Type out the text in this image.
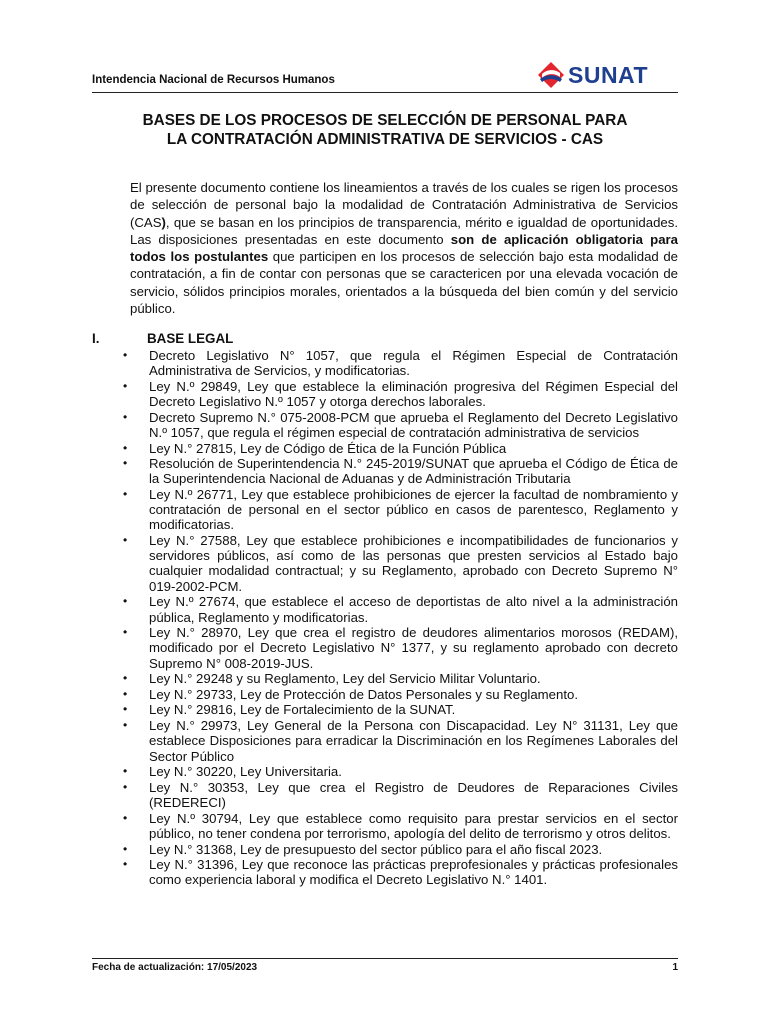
Intendencia Nacional de Recursos Humanos	SUNAT
BASES DE LOS PROCESOS DE SELECCIÓN DE PERSONAL PARA
LA CONTRATACIÓN ADMINISTRATIVA DE SERVICIOS - CAS

El presente documento contiene los lineamientos a través de los cuales se rigen los procesos de selección de personal bajo la modalidad de Contratación Administrativa de Servicios (CAS), que se basan en los principios de transparencia, mérito e igualdad de oportunidades. Las disposiciones presentadas en este documento son de aplicación obligatoria para todos los postulantes que participen en los procesos de selección bajo esta modalidad de contratación, a fin de contar con personas que se caractericen por una elevada vocación de servicio, sólidos principios morales, orientados a la búsqueda del bien común y del servicio público.

I.	BASE LEGAL
• Decreto Legislativo N° 1057, que regula el Régimen Especial de Contratación Administrativa de Servicios, y modificatorias.
• Ley N.º 29849, Ley que establece la eliminación progresiva del Régimen Especial del Decreto Legislativo N.º 1057 y otorga derechos laborales.
• Decreto Supremo N.° 075-2008-PCM que aprueba el Reglamento del Decreto Legislativo N.º 1057, que regula el régimen especial de contratación administrativa de servicios
• Ley N.° 27815, Ley de Código de Ética de la Función Pública
• Resolución de Superintendencia N.° 245-2019/SUNAT que aprueba el Código de Ética de la Superintendencia Nacional de Aduanas y de Administración Tributaria
• Ley N.º 26771, Ley que establece prohibiciones de ejercer la facultad de nombramiento y contratación de personal en el sector público en casos de parentesco, Reglamento y modificatorias.
• Ley N.° 27588, Ley que establece prohibiciones e incompatibilidades de funcionarios y servidores públicos, así como de las personas que presten servicios al Estado bajo cualquier modalidad contractual; y su Reglamento, aprobado con Decreto Supremo N° 019-2002-PCM.
• Ley N.º 27674, que establece el acceso de deportistas de alto nivel a la administración pública, Reglamento y modificatorias.
• Ley N.° 28970, Ley que crea el registro de deudores alimentarios morosos (REDAM), modificado por el Decreto Legislativo N° 1377, y su reglamento aprobado con decreto Supremo N° 008-2019-JUS.
• Ley N.° 29248 y su Reglamento, Ley del Servicio Militar Voluntario.
• Ley N.° 29733, Ley de Protección de Datos Personales y su Reglamento.
• Ley N.° 29816, Ley de Fortalecimiento de la SUNAT.
• Ley N.° 29973, Ley General de la Persona con Discapacidad. Ley N° 31131, Ley que establece Disposiciones para erradicar la Discriminación en los Regímenes Laborales del Sector Público
• Ley N.° 30220, Ley Universitaria.
• Ley N.° 30353, Ley que crea el Registro de Deudores de Reparaciones Civiles (REDERECI)
• Ley N.º 30794, Ley que establece como requisito para prestar servicios en el sector público, no tener condena por terrorismo, apología del delito de terrorismo y otros delitos.
• Ley N.° 31368, Ley de presupuesto del sector público para el año fiscal 2023.
• Ley N.° 31396, Ley que reconoce las prácticas preprofesionales y prácticas profesionales como experiencia laboral y modifica el Decreto Legislativo N.° 1401.
Fecha de actualización: 17/05/2023	1
